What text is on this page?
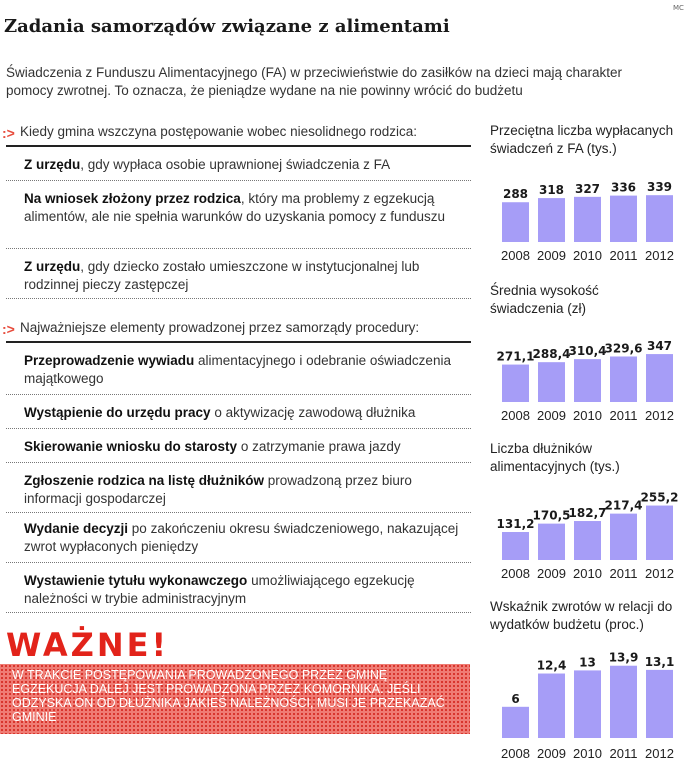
MC
Zadania samorządów związane z alimentami
Świadczenia z Funduszu Alimentacyjnego (FA) w przeciwieństwie do zasiłków na dzieci mają charakter
pomocy zwrotnej. To oznacza, że pieniądze wydane na nie powinny wrócić do budżetu
:> Kiedy gmina wszczyna postępowanie wobec niesolidnego rodzica:
Z urzędu, gdy wypłaca osobie uprawnionej świadczenia z FA
Na wniosek złożony przez rodzica, który ma problemy z egzekucją alimentów, ale nie spełnia warunków do uzyskania pomocy z funduszu
Z urzędu, gdy dziecko zostało umieszczone w instytucjonalnej lub rodzinnej pieczy zastępczej
:> Najważniejsze elementy prowadzonej przez samorządy procedury:
Przeprowadzenie wywiadu alimentacyjnego i odebranie oświadczenia majątkowego
Wystąpienie do urzędu pracy o aktywizację zawodową dłużnika
Skierowanie wniosku do starosty o zatrzymanie prawa jazdy
Zgłoszenie rodzica na listę dłużników prowadzoną przez biuro informacji gospodarczej
Wydanie decyzji po zakończeniu okresu świadczeniowego, nakazującej zwrot wypłaconych pieniędzy
Wystawienie tytułu wykonawczego umożliwiającego egzekucję należności w trybie administracyjnym
WAŻNE!
W TRAKCIE POSTĘPOWANIA PROWADZONEGO PRZEZ GMINĘ EGZEKUCJA DALEJ JEST PROWADZONA PRZEZ KOMORNIKA. JEŚLI ODZYSKA ON OD DŁUŻNIKA JAKIEŚ NALEŻNOŚCI, MUSI JE PRZEKAZAĆ GMINIE
Przeciętna liczba wypłacanych świadczeń z FA (tys.)
288
2008
318
2009
327
2010
336
2011
339
2012
Średnia wysokość świadczenia (zł)
271,1
2008
288,4
2009
310,4
2010
329,6
2011
347
2012
Liczba dłużników alimentacyjnych (tys.)
131,2
2008
170,5
2009
182,7
2010
217,4
2011
255,2
2012
Wskaźnik zwrotów w relacji do wydatków budżetu (proc.)
6
2008
12,4
2009
13
2010
13,9
2011
13,1
2012
